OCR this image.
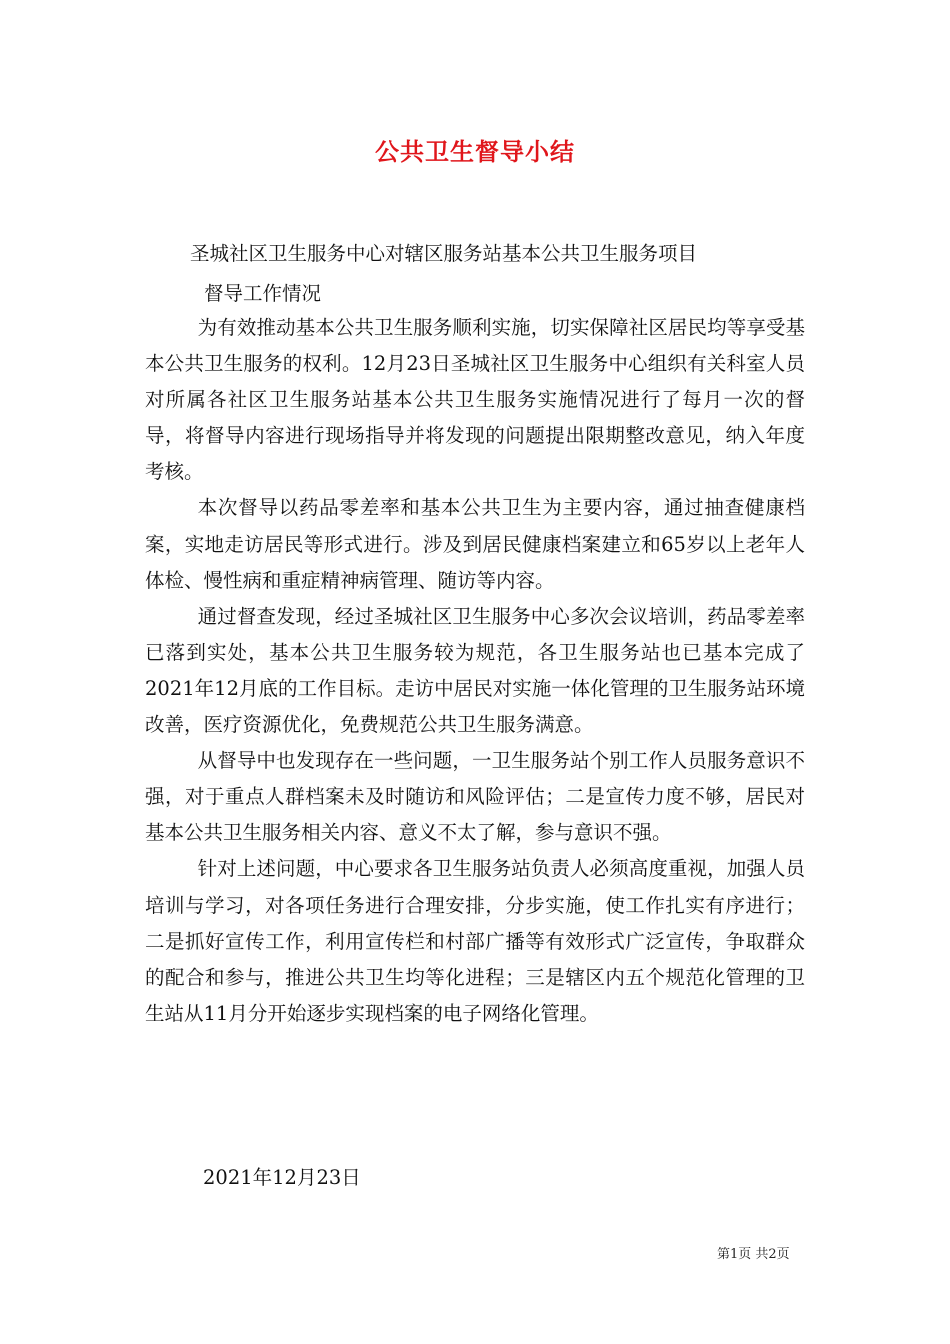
公共卫生督导小结
圣城社区卫生服务中心对辖区服务站基本公共卫生服务项目
督导工作情况

为有效推动基本公共卫生服务顺利实施，切实保障社区居民均等享受基本公共卫生服务的权利。12月23日圣城社区卫生服务中心组织有关科室人员对所属各社区卫生服务站基本公共卫生服务实施情况进行了每月一次的督导，将督导内容进行现场指导并将发现的问题提出限期整改意见，纳入年度考核。

本次督导以药品零差率和基本公共卫生为主要内容，通过抽查健康档案，实地走访居民等形式进行。涉及到居民健康档案建立和65岁以上老年人体检、慢性病和重症精神病管理、随访等内容。

通过督查发现，经过圣城社区卫生服务中心多次会议培训，药品零差率已落到实处，基本公共卫生服务较为规范，各卫生服务站也已基本完成了2021年12月底的工作目标。走访中居民对实施一体化管理的卫生服务站环境改善，医疗资源优化，免费规范公共卫生服务满意。

从督导中也发现存在一些问题，一卫生服务站个别工作人员服务意识不强，对于重点人群档案未及时随访和风险评估；二是宣传力度不够，居民对基本公共卫生服务相关内容、意义不太了解，参与意识不强。

针对上述问题，中心要求各卫生服务站负责人必须高度重视，加强人员培训与学习，对各项任务进行合理安排，分步实施，使工作扎实有序进行；二是抓好宣传工作，利用宣传栏和村部广播等有效形式广泛宣传，争取群众的配合和参与，推进公共卫生均等化进程；三是辖区内五个规范化管理的卫生站从11月分开始逐步实现档案的电子网络化管理。

2021年12月23日
第1页 共2页
